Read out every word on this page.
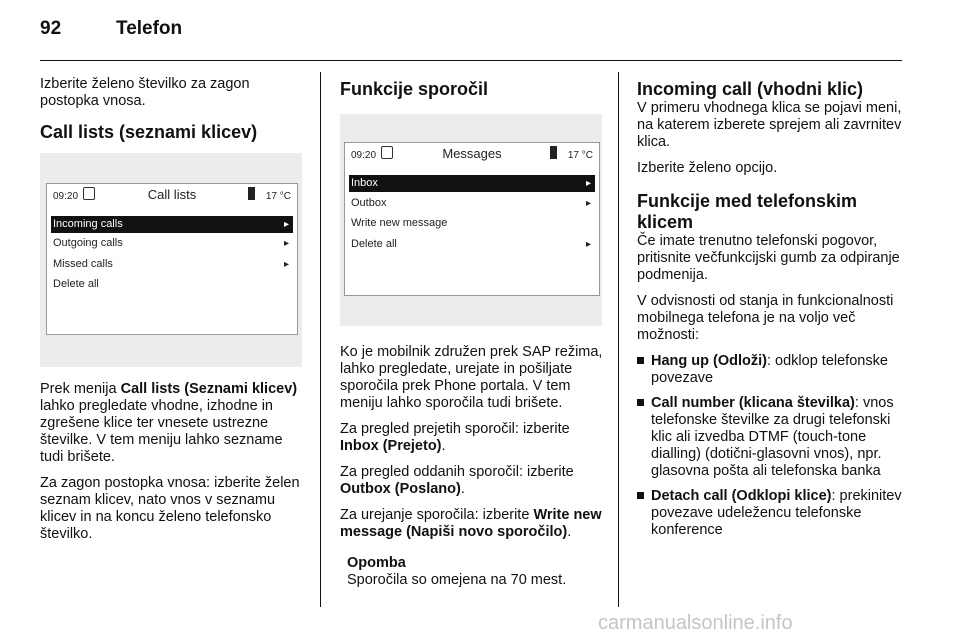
92	Telefon

Izberite želeno številko za zagon postopka vnosa.

Call lists (seznami klicev)
09:20	Call lists	17 °C
Incoming calls	▸
Outgoing calls	▸
Missed calls	▸
Delete all

Prek menija Call lists (Seznami klicev) lahko pregledate vhodne, izhodne in zgrešene klice ter vnesete ustrezne številke. V tem meniju lahko sezname tudi brišete.

Za zagon postopka vnosa: izberite želen seznam klicev, nato vnos v seznamu klicev in na koncu želeno telefonsko številko.

Funkcije sporočil
09:20	Messages	17 °C
Inbox	▸
Outbox	▸
Write new message
Delete all	▸

Ko je mobilnik združen prek SAP režima, lahko pregledate, urejate in pošiljate sporočila prek Phone portala. V tem meniju lahko sporočila tudi brišete.

Za pregled prejetih sporočil: izberite Inbox (Prejeto).

Za pregled oddanih sporočil: izberite Outbox (Poslano).

Za urejanje sporočila: izberite Write new message (Napiši novo sporočilo).

Opomba
Sporočila so omejena na 70 mest.
Incoming call (vhodni klic)

V primeru vhodnega klica se pojavi meni, na katerem izberete sprejem ali zavrnitev klica.

Izberite želeno opcijo.

Funkcije med telefonskim klicem

Če imate trenutno telefonski pogovor, pritisnite večfunkcijski gumb za odpiranje podmenija.

V odvisnosti od stanja in funkcionalnosti mobilnega telefona je na voljo več možnosti:

Hang up (Odloži): odklop telefonske povezave
Call number (klicana številka): vnos telefonske številke za drugi telefonski klic ali izvedba DTMF (touch-tone dialling) (dotični-glasovni vnos), npr. glasovna pošta ali telefonska banka
Detach call (Odklopi klice): prekinitev povezave udeležencu telefonske konference
carmanualsonline.info
